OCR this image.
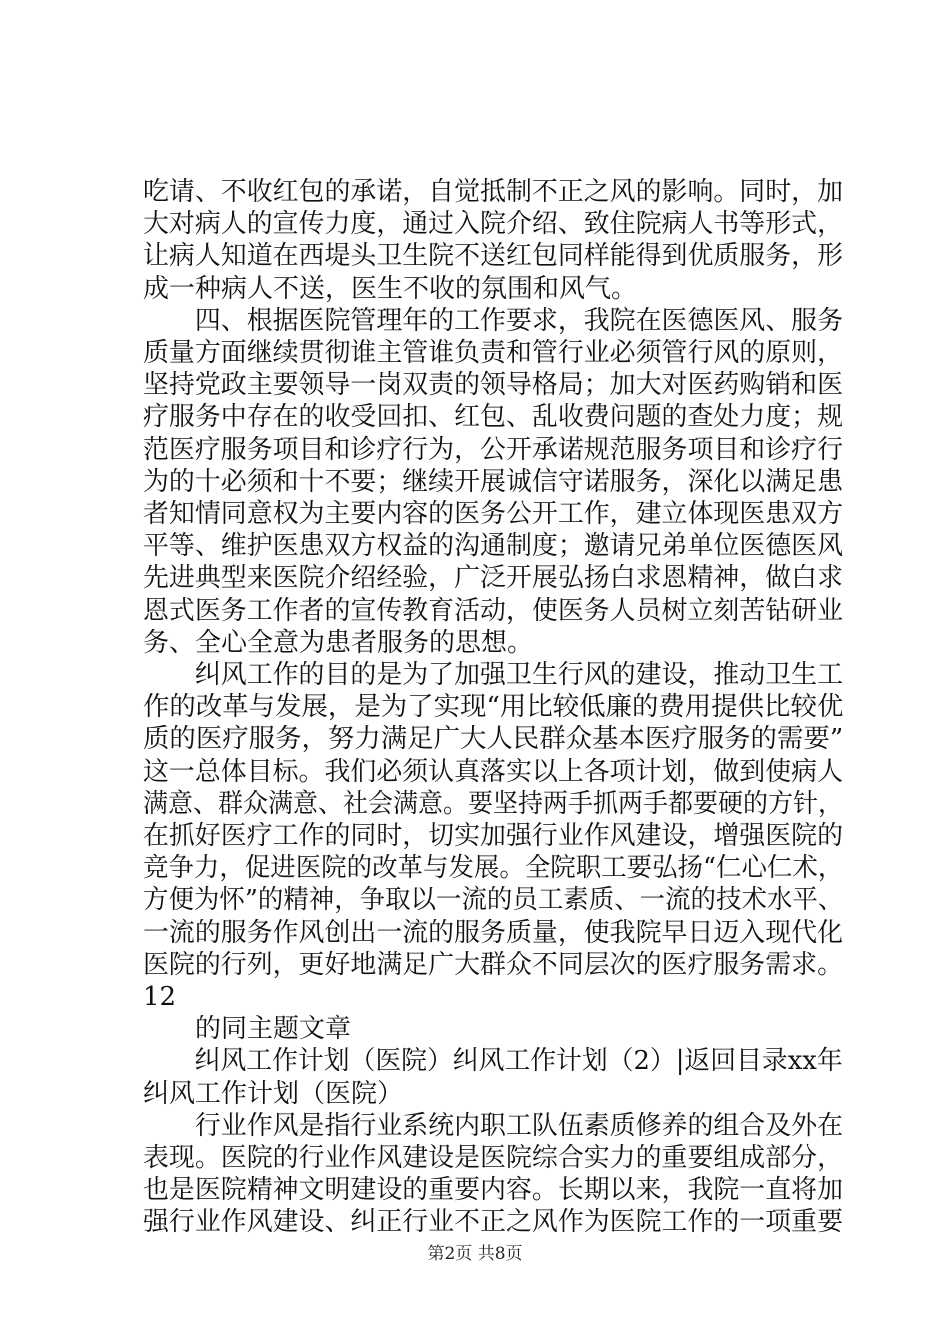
吃请、不收红包的承诺，自觉抵制不正之风的影响。同时，加
大对病人的宣传力度，通过入院介绍、致住院病人书等形式，
让病人知道在西堤头卫生院不送红包同样能得到优质服务，形
成一种病人不送，医生不收的氛围和风气。
　　四、根据医院管理年的工作要求，我院在医德医风、服务
质量方面继续贯彻谁主管谁负责和管行业必须管行风的原则，
坚持党政主要领导一岗双责的领导格局；加大对医药购销和医
疗服务中存在的收受回扣、红包、乱收费问题的查处力度；规
范医疗服务项目和诊疗行为，公开承诺规范服务项目和诊疗行
为的十必须和十不要；继续开展诚信守诺服务，深化以满足患
者知情同意权为主要内容的医务公开工作，建立体现医患双方
平等、维护医患双方权益的沟通制度；邀请兄弟单位医德医风
先进典型来医院介绍经验，广泛开展弘扬白求恩精神，做白求
恩式医务工作者的宣传教育活动，使医务人员树立刻苦钻研业
务、全心全意为患者服务的思想。
　　纠风工作的目的是为了加强卫生行风的建设，推动卫生工
作的改革与发展，是为了实现“用比较低廉的费用提供比较优
质的医疗服务，努力满足广大人民群众基本医疗服务的需要”
这一总体目标。我们必须认真落实以上各项计划，做到使病人
满意、群众满意、社会满意。要坚持两手抓两手都要硬的方针，
在抓好医疗工作的同时，切实加强行业作风建设，增强医院的
竞争力，促进医院的改革与发展。全院职工要弘扬“仁心仁术，
方便为怀”的精神，争取以一流的员工素质、一流的技术水平、
一流的服务作风创出一流的服务质量，使我院早日迈入现代化
医院的行列，更好地满足广大群众不同层次的医疗服务需求。
12
　　的同主题文章
　　纠风工作计划（医院）纠风工作计划（2）|返回目录xx年
纠风工作计划（医院）
　　行业作风是指行业系统内职工队伍素质修养的组合及外在
表现。医院的行业作风建设是医院综合实力的重要组成部分，
也是医院精神文明建设的重要内容。长期以来，我院一直将加
强行业作风建设、纠正行业不正之风作为医院工作的一项重要
第2页 共8页
